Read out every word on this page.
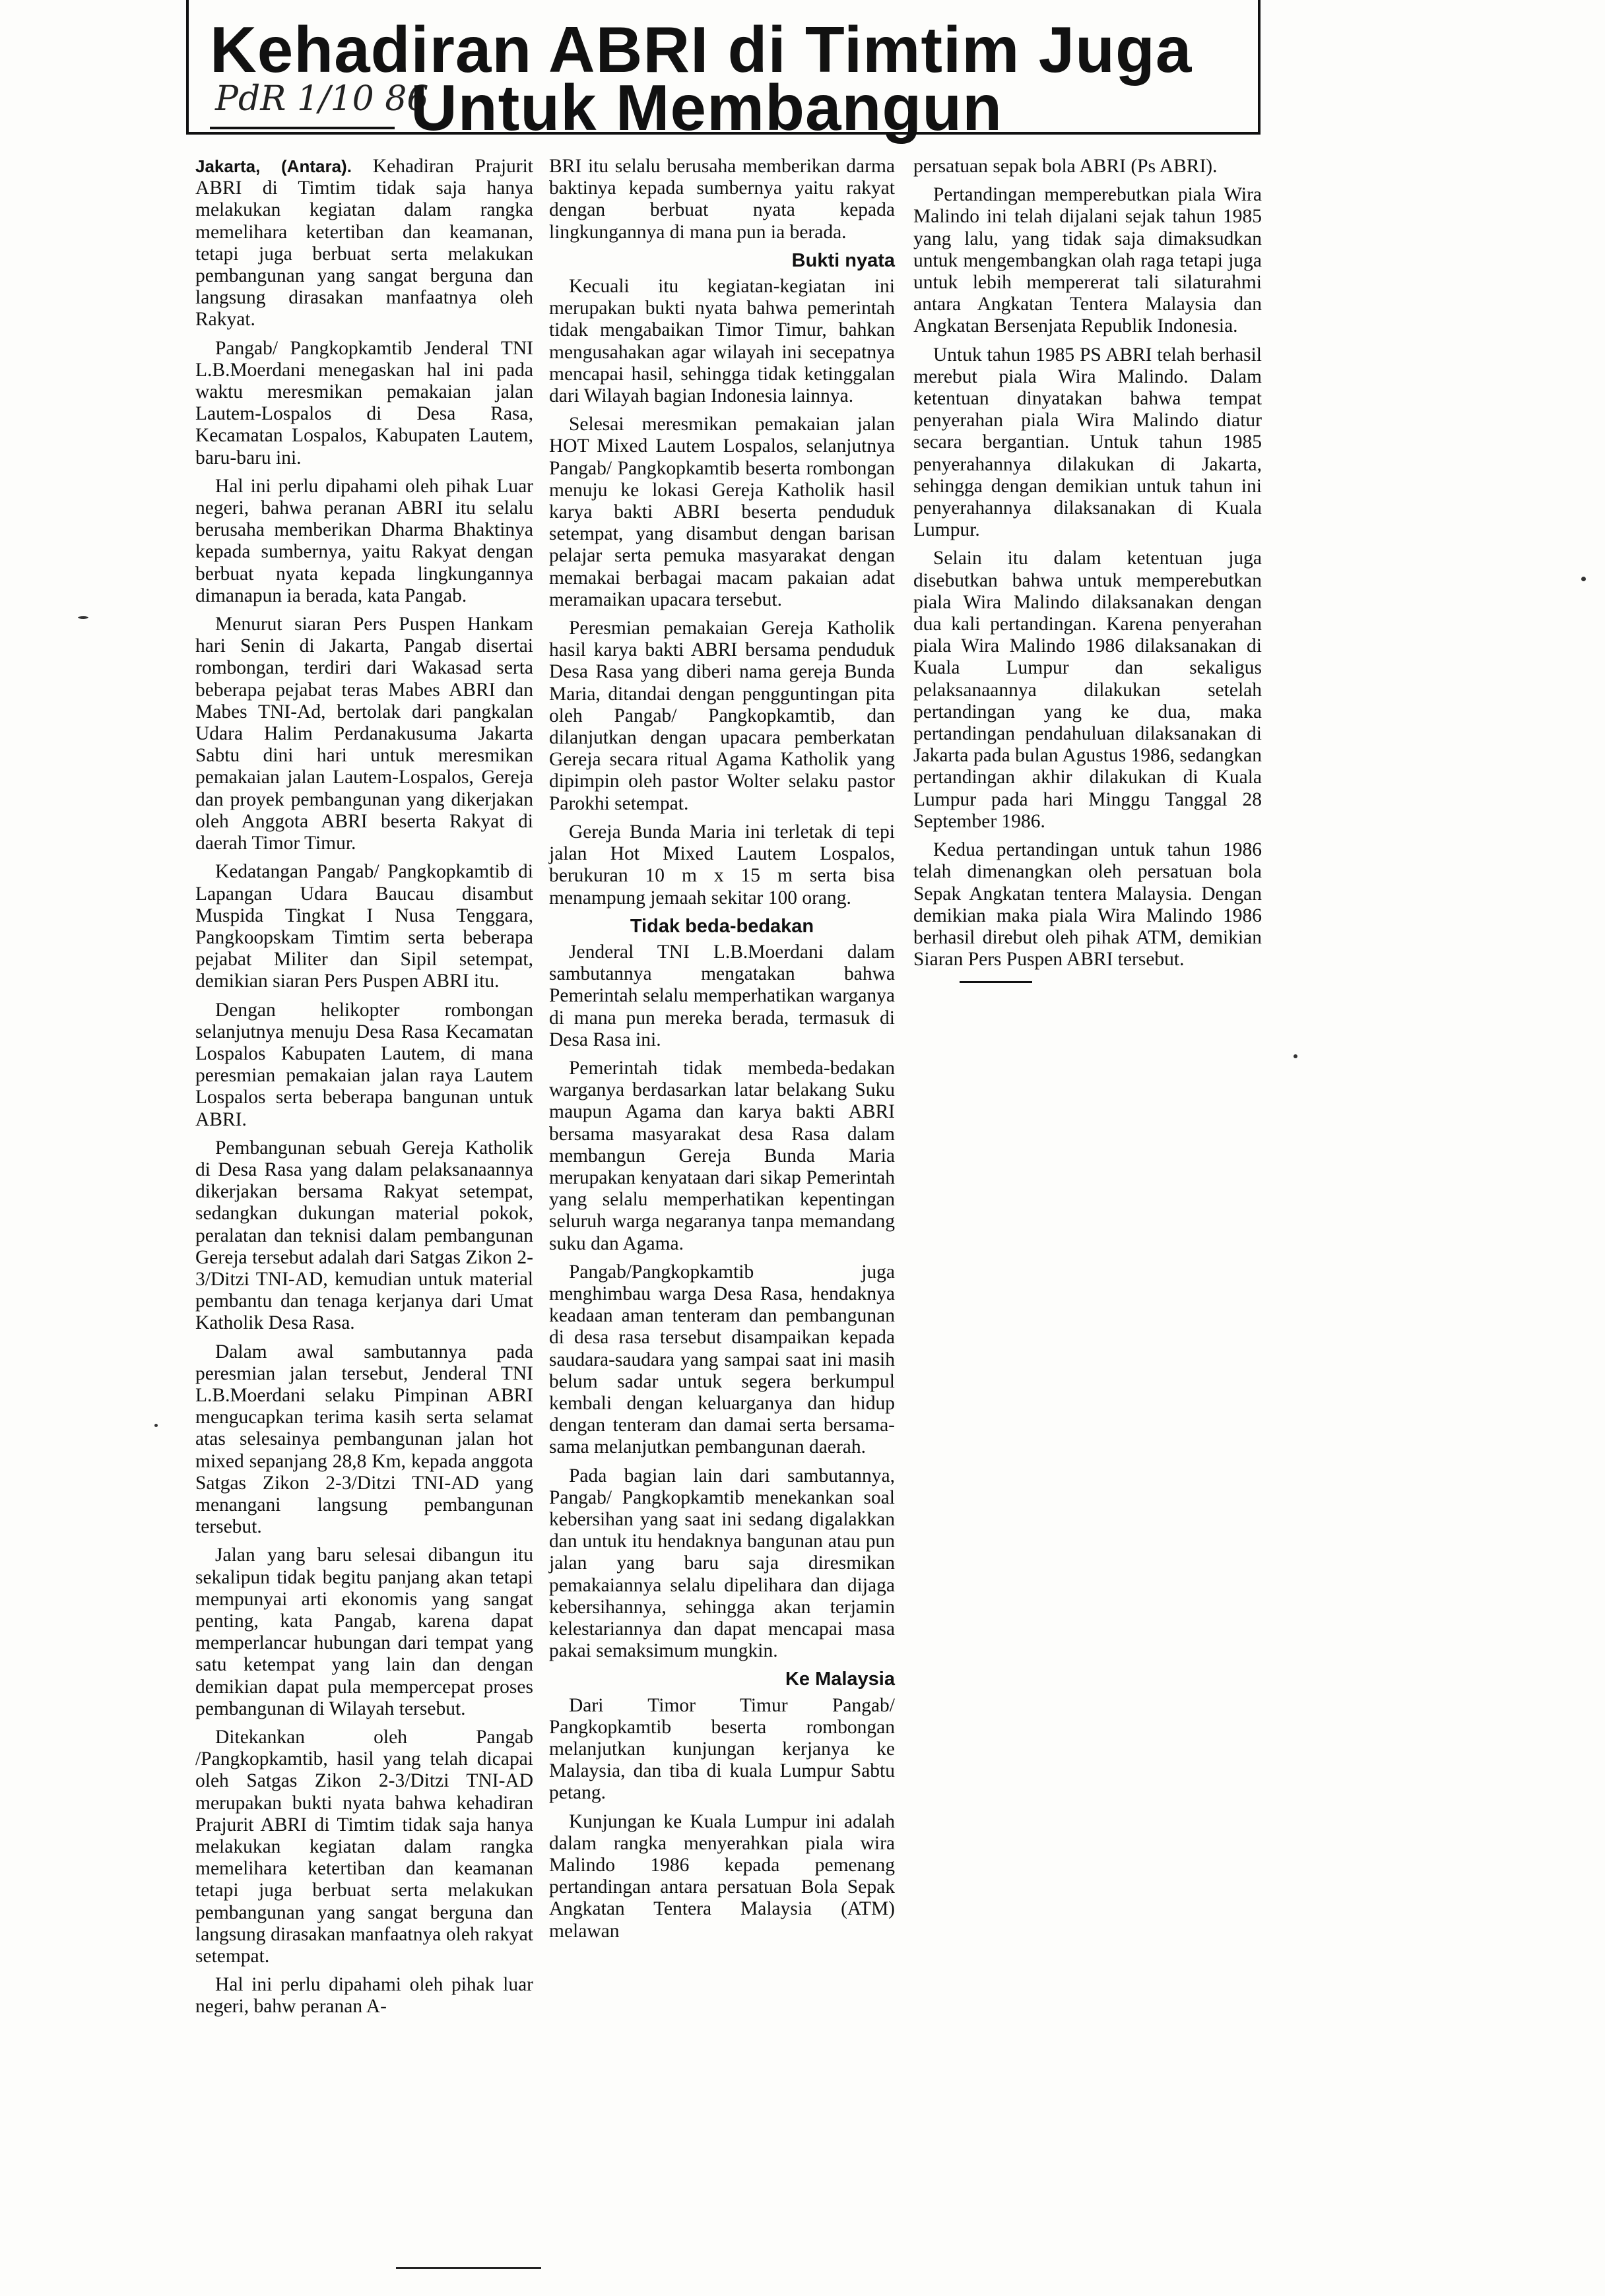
Kehadiran ABRI di Timtim Juga
PdR 1/10 86
Untuk Membangun

Jakarta, (Antara). Kehadiran Prajurit ABRI di Timtim tidak saja hanya melakukan kegiatan dalam rangka memelihara ketertiban dan keamanan, tetapi juga berbuat serta melakukan pembangunan yang sangat berguna dan langsung dirasakan manfaatnya oleh Rakyat.

Pangab/ Pangkopkamtib Jenderal TNI L.B.Moerdani menegaskan hal ini pada waktu meresmikan pemakaian jalan Lautem-Lospalos di Desa Rasa, Kecamatan Lospalos, Kabupaten Lautem, baru-baru ini.

Hal ini perlu dipahami oleh pihak Luar negeri, bahwa peranan ABRI itu selalu berusaha memberikan Dharma Bhaktinya kepada sumbernya, yaitu Rakyat dengan berbuat nyata kepada lingkungannya dimanapun ia berada, kata Pangab.

Menurut siaran Pers Puspen Hankam hari Senin di Jakarta, Pangab disertai rombongan, terdiri dari Wakasad serta beberapa pejabat teras Mabes ABRI dan Mabes TNI-Ad, bertolak dari pangkalan Udara Halim Perdanakusuma Jakarta Sabtu dini hari untuk meresmikan pemakaian jalan Lautem-Lospalos, Gereja dan proyek pembangunan yang dikerjakan oleh Anggota ABRI beserta Rakyat di daerah Timor Timur.

Kedatangan Pangab/ Pangkopkamtib di Lapangan Udara Baucau disambut Muspida Tingkat I Nusa Tenggara, Pangkoopskam Timtim serta beberapa pejabat Militer dan Sipil setempat, demikian siaran Pers Puspen ABRI itu.

Dengan helikopter rombongan selanjutnya menuju Desa Rasa Kecamatan Lospalos Kabupaten Lautem, di mana peresmian pemakaian jalan raya Lautem Lospalos serta beberapa bangunan untuk ABRI.

Pembangunan sebuah Gereja Katholik di Desa Rasa yang dalam pelaksanaannya dikerjakan bersama Rakyat setempat, sedangkan dukungan material pokok, peralatan dan teknisi dalam pembangunan Gereja tersebut adalah dari Satgas Zikon 2-3/Ditzi TNI-AD, kemudian untuk material pembantu dan tenaga kerjanya dari Umat Katholik Desa Rasa.

Dalam awal sambutannya pada peresmian jalan tersebut, Jenderal TNI L.B.Moerdani selaku Pimpinan ABRI mengucapkan terima kasih serta selamat atas selesainya pembangunan jalan hot mixed sepanjang 28,8 Km, kepada anggota Satgas Zikon 2-3/Ditzi TNI-AD yang menangani langsung pembangunan tersebut.

Jalan yang baru selesai dibangun itu sekalipun tidak begitu panjang akan tetapi mempunyai arti ekonomis yang sangat penting, kata Pangab, karena dapat memperlancar hubungan dari tempat yang satu ketempat yang lain dan dengan demikian dapat pula mempercepat proses pembangunan di Wilayah tersebut.

Ditekankan oleh Pangab /Pangkopkamtib, hasil yang telah dicapai oleh Satgas Zikon 2-3/Ditzi TNI-AD merupakan bukti nyata bahwa kehadiran Prajurit ABRI di Timtim tidak saja hanya melakukan kegiatan dalam rangka memelihara ketertiban dan keamanan tetapi juga berbuat serta melakukan pembangunan yang sangat berguna dan langsung dirasakan manfaatnya oleh rakyat setempat.

Hal ini perlu dipahami oleh pihak luar negeri, bahw peranan A-

BRI itu selalu berusaha memberikan darma baktinya kepada sumbernya yaitu rakyat dengan berbuat nyata kepada lingkungannya di mana pun ia berada.

Bukti nyata

Kecuali itu kegiatan-kegiatan ini merupakan bukti nyata bahwa pemerintah tidak mengabaikan Timor Timur, bahkan mengusahakan agar wilayah ini secepatnya mencapai hasil, sehingga tidak ketinggalan dari Wilayah bagian Indonesia lainnya.

Selesai meresmikan pemakaian jalan HOT Mixed Lautem Lospalos, selanjutnya Pangab/ Pangkopkamtib beserta rombongan menuju ke lokasi Gereja Katholik hasil karya bakti ABRI beserta penduduk setempat, yang disambut dengan barisan pelajar serta pemuka masyarakat dengan memakai berbagai macam pakaian adat meramaikan upacara tersebut.

Peresmian pemakaian Gereja Katholik hasil karya bakti ABRI bersama penduduk Desa Rasa yang diberi nama gereja Bunda Maria, ditandai dengan pengguntingan pita oleh Pangab/ Pangkopkamtib, dan dilanjutkan dengan upacara pemberkatan Gereja secara ritual Agama Katholik yang dipimpin oleh pastor Wolter selaku pastor Parokhi setempat.

Gereja Bunda Maria ini terletak di tepi jalan Hot Mixed Lautem Lospalos, berukuran 10 m x 15 m serta bisa menampung jemaah sekitar 100 orang.

Tidak beda-bedakan

Jenderal TNI L.B.Moerdani dalam sambutannya mengatakan bahwa Pemerintah selalu memperhatikan warganya di mana pun mereka berada, termasuk di Desa Rasa ini.

Pemerintah tidak membeda-bedakan warganya berdasarkan latar belakang Suku maupun Agama dan karya bakti ABRI bersama masyarakat desa Rasa dalam membangun Gereja Bunda Maria merupakan kenyataan dari sikap Pemerintah yang selalu memperhatikan kepentingan seluruh warga negaranya tanpa memandang suku dan Agama.

Pangab/Pangkopkamtib juga menghimbau warga Desa Rasa, hendaknya keadaan aman tenteram dan pembangunan di desa rasa tersebut disampaikan kepada saudara-saudara yang sampai saat ini masih belum sadar untuk segera berkumpul kembali dengan keluarganya dan hidup dengan tenteram dan damai serta bersama-sama melanjutkan pembangunan daerah.

Pada bagian lain dari sambutannya, Pangab/ Pangkopkamtib menekankan soal kebersihan yang saat ini sedang digalakkan dan untuk itu hendaknya bangunan atau pun jalan yang baru saja diresmikan pemakaiannya selalu dipelihara dan dijaga kebersihannya, sehingga akan terjamin kelestariannya dan dapat mencapai masa pakai semaksimum mungkin.

Ke Malaysia

Dari Timor Timur Pangab/ Pangkopkamtib beserta rombongan melanjutkan kunjungan kerjanya ke Malaysia, dan tiba di kuala Lumpur Sabtu petang.

Kunjungan ke Kuala Lumpur ini adalah dalam rangka menyerahkan piala wira Malindo 1986 kepada pemenang pertandingan antara persatuan Bola Sepak Angkatan Tentera Malaysia (ATM) melawan

persatuan sepak bola ABRI (Ps ABRI).

Pertandingan memperebutkan piala Wira Malindo ini telah dijalani sejak tahun 1985 yang lalu, yang tidak saja dimaksudkan untuk mengembangkan olah raga tetapi juga untuk lebih mempererat tali silaturahmi antara Angkatan Tentera Malaysia dan Angkatan Bersenjata Republik Indonesia.

Untuk tahun 1985 PS ABRI telah berhasil merebut piala Wira Malindo. Dalam ketentuan dinyatakan bahwa tempat penyerahan piala Wira Malindo diatur secara bergantian. Untuk tahun 1985 penyerahannya dilakukan di Jakarta, sehingga dengan demikian untuk tahun ini penyerahannya dilaksanakan di Kuala Lumpur.

Selain itu dalam ketentuan juga disebutkan bahwa untuk memperebutkan piala Wira Malindo dilaksanakan dengan dua kali pertandingan. Karena penyerahan piala Wira Malindo 1986 dilaksanakan di Kuala Lumpur dan sekaligus pelaksanaannya dilakukan setelah pertandingan yang ke dua, maka pertandingan pendahuluan dilaksanakan di Jakarta pada bulan Agustus 1986, sedangkan pertandingan akhir dilakukan di Kuala Lumpur pada hari Minggu Tanggal 28 September 1986.

Kedua pertandingan untuk tahun 1986 telah dimenangkan oleh persatuan bola Sepak Angkatan tentera Malaysia. Dengan demikian maka piala Wira Malindo 1986 berhasil direbut oleh pihak ATM, demikian Siaran Pers Puspen ABRI tersebut.
